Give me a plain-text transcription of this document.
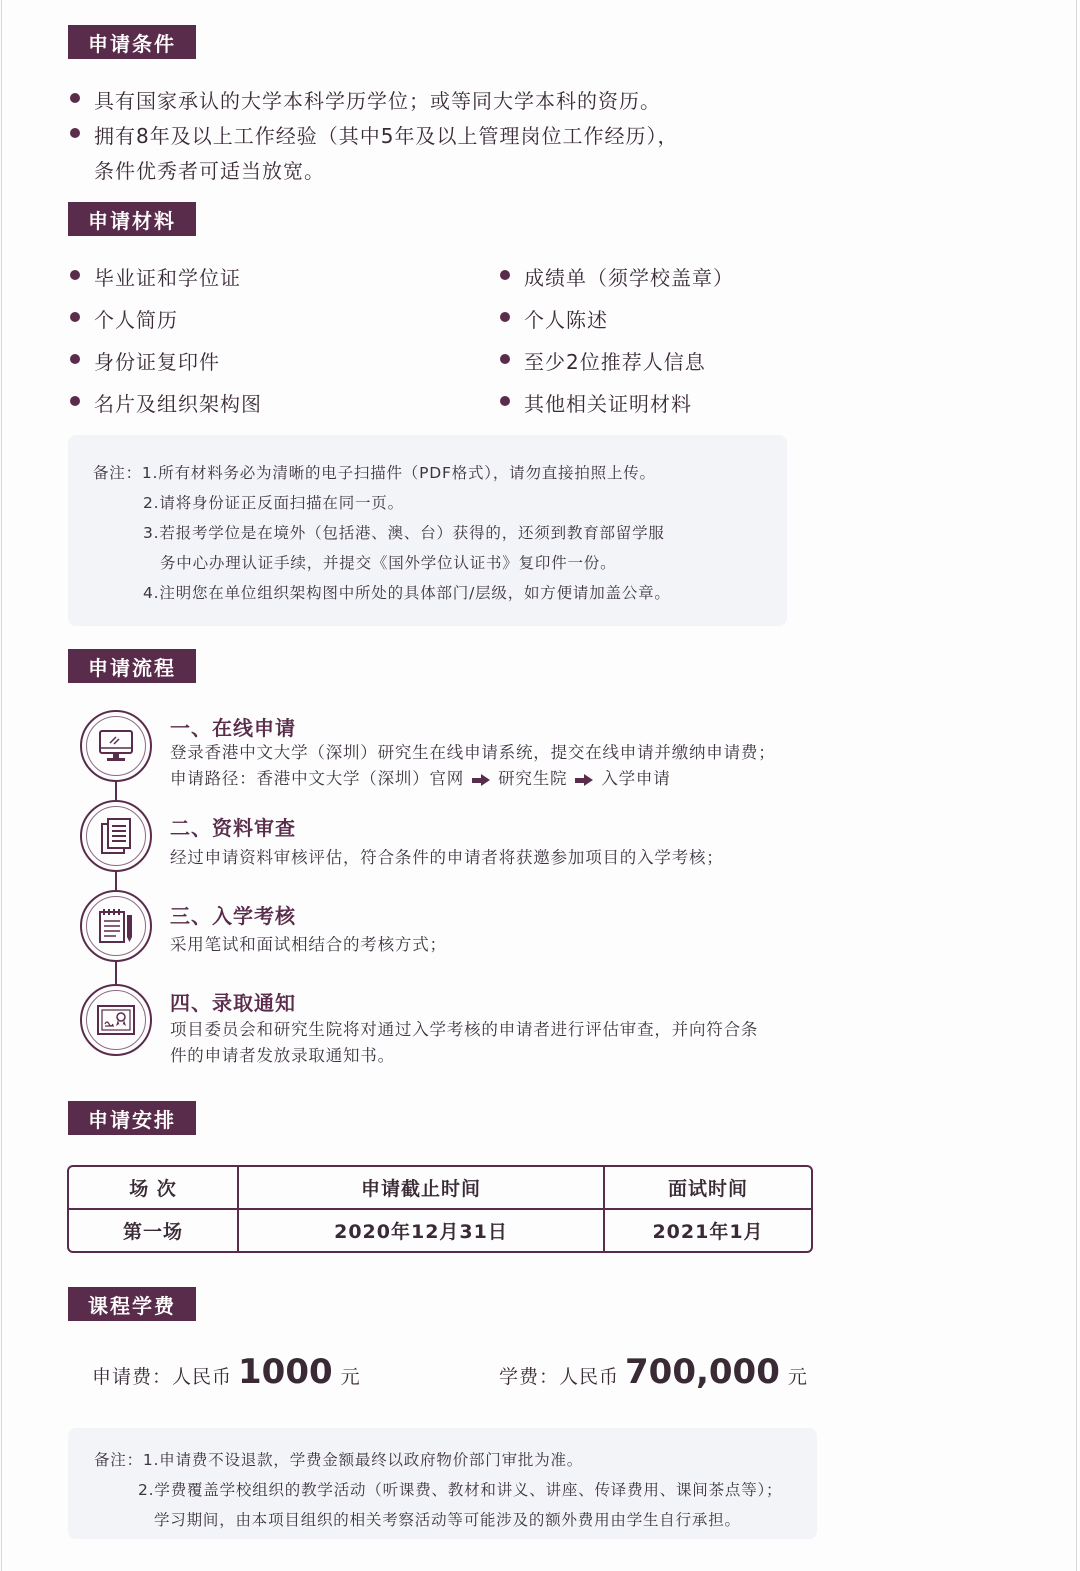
申请条件
具有国家承认的大学本科学历学位；或等同大学本科的资历。
拥有8年及以上工作经验（其中5年及以上管理岗位工作经历），
条件优秀者可适当放宽。
申请材料
毕业证和学位证
个人简历
身份证复印件
名片及组织架构图
成绩单（须学校盖章）
个人陈述
至少2位推荐人信息
其他相关证明材料
备注：1.所有材料务必为清晰的电子扫描件（PDF格式），请勿直接拍照上传。
2.请将身份证正反面扫描在同一页。
3.若报考学位是在境外（包括港、澳、台）获得的，还须到教育部留学服
务中心办理认证手续，并提交《国外学位认证书》复印件一份。
4.注明您在单位组织架构图中所处的具体部门/层级，如方便请加盖公章。
申请流程
一、在线申请
登录香港中文大学（深圳）研究生在线申请系统，提交在线申请并缴纳申请费；
申请路径：香港中文大学（深圳）官网 研究生院 入学申请
二、资料审查
经过申请资料审核评估，符合条件的申请者将获邀参加项目的入学考核；
三、入学考核
采用笔试和面试相结合的考核方式；
四、录取通知
项目委员会和研究生院将对通过入学考核的申请者进行评估审查，并向符合条
件的申请者发放录取通知书。
申请安排
场 次	申请截止时间	面试时间
第一场	2020年12月31日	2021年1月
课程学费
申请费：人民币 1000 元	学费：人民币 700,000 元
备注：1.申请费不设退款，学费金额最终以政府物价部门审批为准。
2.学费覆盖学校组织的教学活动（听课费、教材和讲义、讲座、传译费用、课间茶点等）；
学习期间，由本项目组织的相关考察活动等可能涉及的额外费用由学生自行承担。
